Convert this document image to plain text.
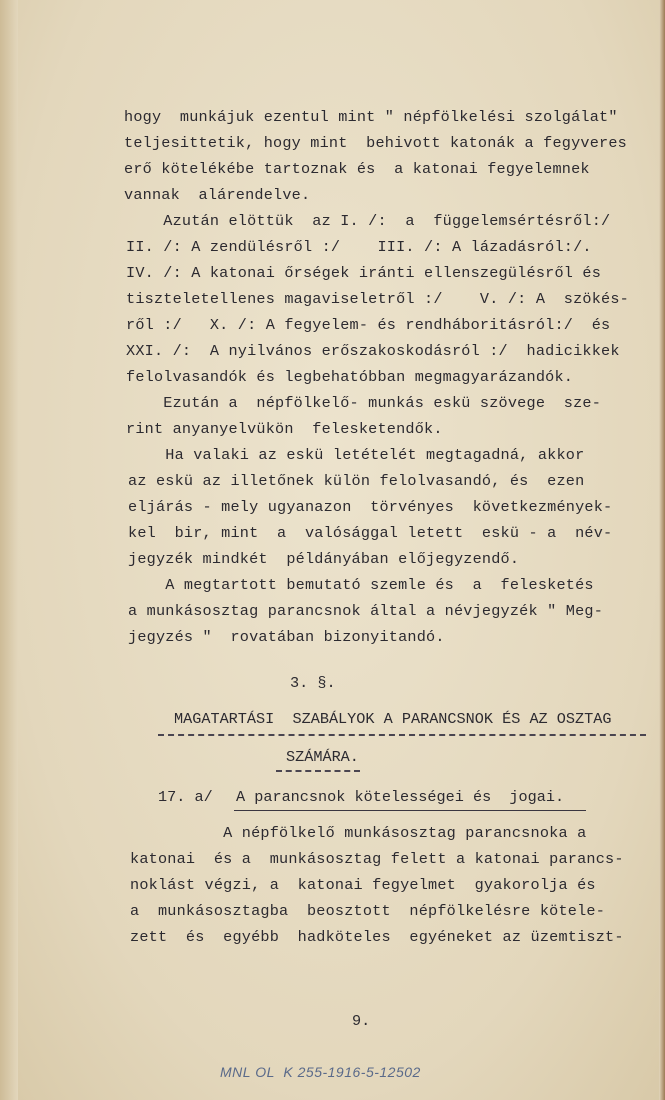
hogy  munkájuk ezentul mint " népfölkelési szolgálat"
teljesittetik, hogy mint  behivott katonák a fegyveres
erő kötelékébe tartoznak és  a katonai fegyelemnek
vannak  alárendelve.
Azután elöttük  az I. /:  a  függelemsértésről:/
II. /: A zendülésről :/    III. /: A lázadásról:/.
IV. /: A katonai őrségek iránti ellenszegülésről és
tiszteletellenes magaviseletről :/    V. /: A  szökés-
ről :/   X. /: A fegyelem- és rendháboritásról:/  és
XXI. /:  A nyilvános erőszakoskodásról :/  hadicikkek
felolvasandók és legbehatóbban megmagyarázandók.
Ezután a  népfölkelő- munkás eskü szövege  sze-
rint anyanyelvükön  felesketendők.
Ha valaki az eskü letételét megtagadná, akkor
az eskü az illetőnek külön felolvasandó, és  ezen
eljárás - mely ugyanazon  törvényes  következmények-
kel  bir, mint  a  valósággal letett  eskü - a  név-
jegyzék mindkét  példányában előjegyzendő.
A megtartott bemutató szemle és  a  felesketés
a munkásosztag parancsnok által a névjegyzék " Meg-
jegyzés "  rovatában bizonyitandó.
3. §.
MAGATARTÁSI  SZABÁLYOK A PARANCSNOK ÉS AZ OSZTAG
SZÁMÁRA.
17. a/ A parancsnok kötelességei és  jogai.
A népfölkelő munkásosztag parancsnoka a
katonai  és a  munkásosztag felett a katonai parancs-
noklást végzi, a  katonai fegyelmet  gyakorolja és
a  munkásosztagba  beosztott  népfölkelésre kötele-
zett  és  egyébb  hadköteles  egyéneket az üzemtiszt-
9.
MNL OL  K 255-1916-5-12502
